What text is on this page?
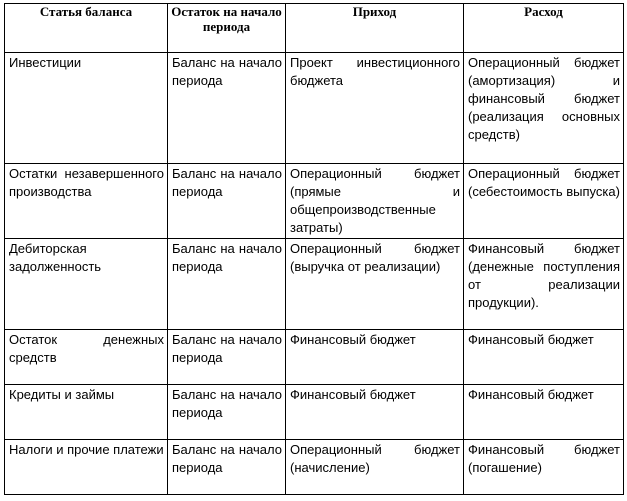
Статья баланса	Остаток на начало периода	Приход	Расход
Инвестиции	Баланс на начало периода	Проект инвестиционного бюджета	Операционный бюджет (амортизация) и финансовый бюджет (реализация основных средств)
Остатки незавершенного производства	Баланс на начало периода	Операционный бюджет (прямые и общепроизводственные затраты)	Операционный бюджет (себестоимость выпуска)
Дебиторская задолженность	Баланс на начало периода	Операционный бюджет (выручка от реализации)	Финансовый бюджет (денежные поступления от реализации продукции).
Остаток денежных средств	Баланс на начало периода	Финансовый бюджет	Финансовый бюджет
Кредиты и займы	Баланс на начало периода	Финансовый бюджет	Финансовый бюджет
Налоги и прочие платежи	Баланс на начало периода	Операционный бюджет (начисление)	Финансовый бюджет (погашение)
